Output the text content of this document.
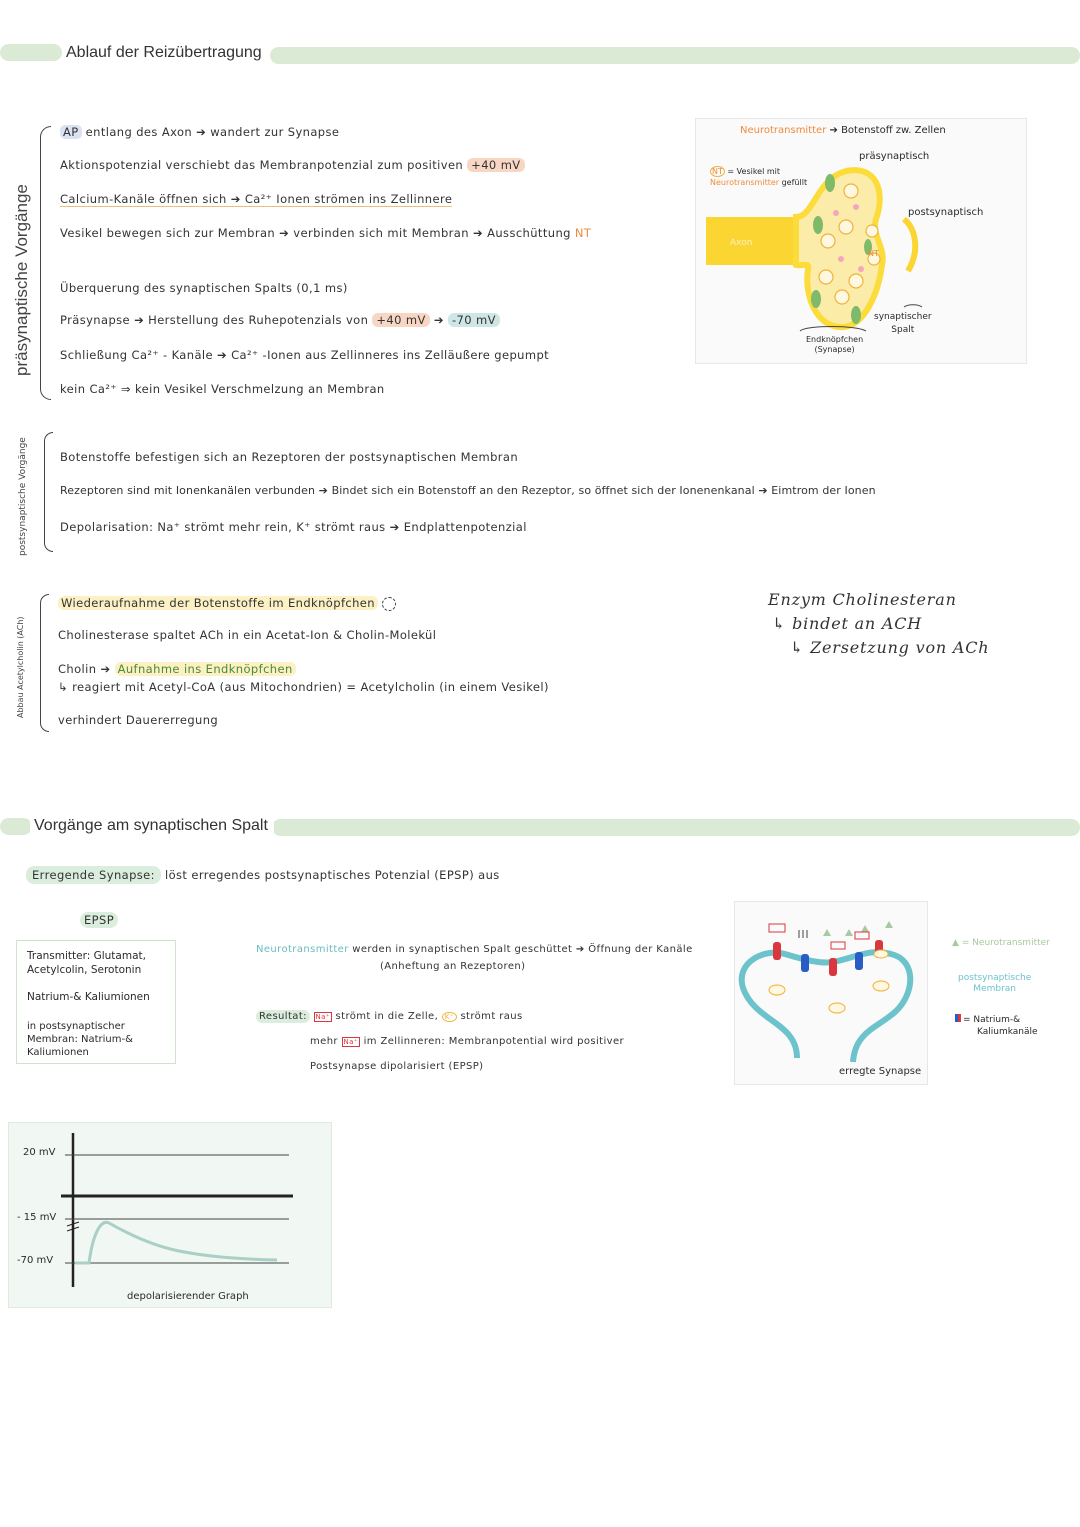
Ablauf der Reizübertragung
präsynaptische Vorgänge
AP entlang des Axon ➔ wandert zur Synapse
Aktionspotenzial verschiebt das Membranpotenzial zum positiven +40 mV
Calcium-Kanäle öffnen sich ➔ Ca²⁺ Ionen strömen ins Zellinnere
Vesikel bewegen sich zur Membran ➔ verbinden sich mit Membran ➔ Ausschüttung NT
Überquerung des synaptischen Spalts (0,1 ms)
Präsynapse ➔ Herstellung des Ruhepotenzials von +40 mV ➔ -70 mV
Schließung Ca²⁺ - Kanäle ➔ Ca²⁺ -Ionen aus Zellinneres ins Zelläußere gepumpt
kein Ca²⁺ ⇒ kein Vesikel Verschmelzung an Membran
Neurotransmitter ➔ Botenstoff zw. Zellen
NT = Vesikel mit
Neurotransmitter gefüllt
präsynaptisch
postsynaptisch
Axon
NT
synaptischer
Spalt
Endknöpfchen
(Synapse)
postsynaptische Vorgänge	Botenstoffe befestigen sich an Rezeptoren der postsynaptischen Membran
Rezeptoren sind mit Ionenkanälen verbunden ➔ Bindet sich ein Botenstoff an den Rezeptor, so öffnet sich der Ionenenkanal ➔ Eimtrom der Ionen
Depolarisation: Na⁺ strömt mehr rein, K⁺ strömt raus ➔ Endplattenpotenzial
Abbau Acetylcholin (ACh)
Wiederaufnahme der Botenstoffe im Endknöpfchen
Cholinesterase spaltet ACh in ein Acetat-Ion & Cholin-Molekül
Cholin ➔ Aufnahme ins Endknöpfchen
↳ reagiert mit Acetyl-CoA (aus Mitochondrien) = Acetylcholin (in einem Vesikel)
verhindert Dauererregung
Enzym Cholinesteran
↳ bindet an ACH
↳ Zersetzung von ACh
Vorgänge am synaptischen Spalt
Erregende Synapse: löst erregendes postsynaptisches Potenzial (EPSP) aus
EPSP
Transmitter: Glutamat, Acetylcolin, Serotonin
Natrium-& Kaliumionen
in postsynaptischer Membran: Natrium-& Kaliumionen
Neurotransmitter werden in synaptischen Spalt geschüttet ➔ Öffnung der Kanäle
(Anheftung an Rezeptoren)
Resultat: Na⁺ strömt in die Zelle, K⁺ strömt raus
mehr Na⁺ im Zellinneren: Membranpotential wird positiver
Postsynapse dipolarisiert (EPSP)	erregte Synapse
▲ = Neurotransmitter
postsynaptische
Membran
= Natrium-&
Kaliumkanäle
20 mV
- 15 mV
-70 mV
depolarisierender Graph
